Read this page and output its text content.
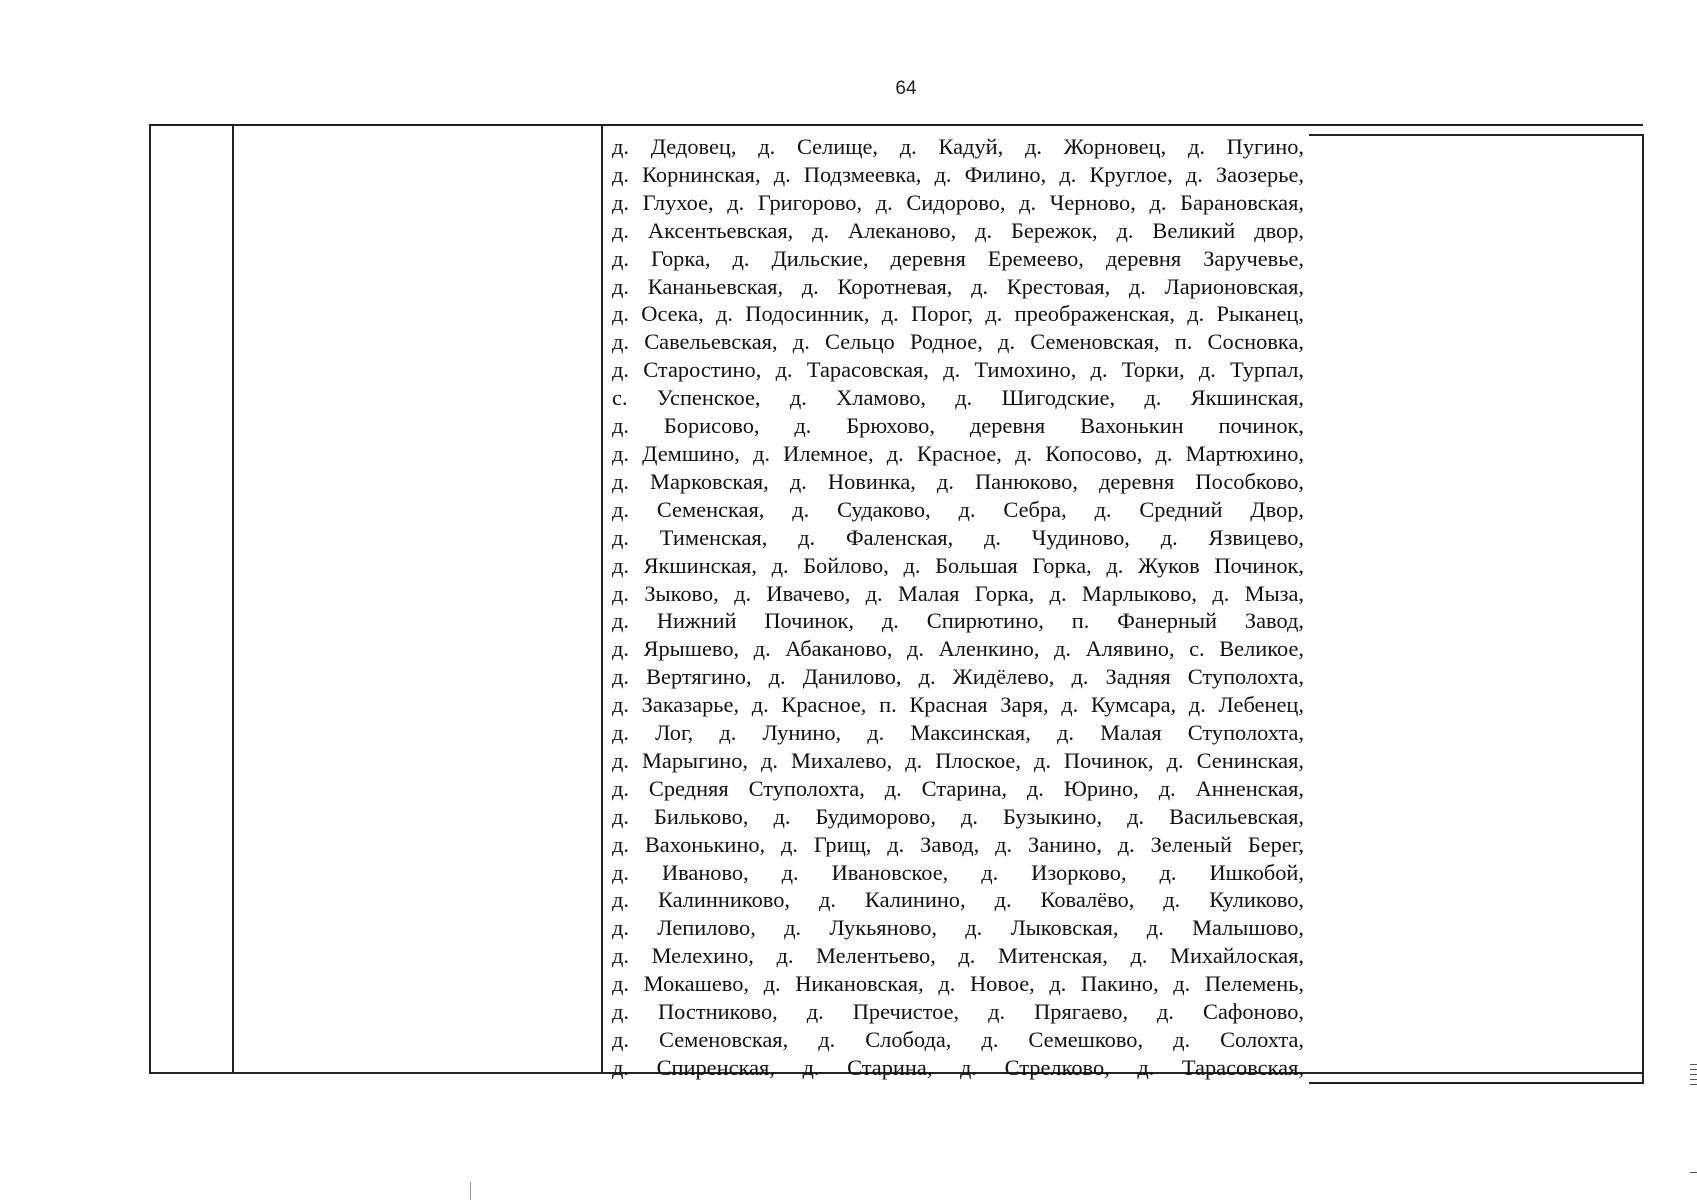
64
д. Дедовец, д. Селище, д. Кадуй, д. Жорновец, д. Пугино,
д. Корнинская, д. Подзмеевка, д. Филино, д. Круглое, д. Заозерье,
д. Глухое, д. Григорово, д. Сидорово, д. Черново, д. Барановская,
д. Аксентьевская, д. Алеканово, д. Бережок, д. Великий двор,
д. Горка, д. Дильские, деревня Еремеево, деревня Заручевье,
д. Кананьевская, д. Коротневая, д. Крестовая, д. Ларионовская,
д. Осека, д. Подосинник, д. Порог, д. преображенская, д. Рыканец,
д. Савельевская, д. Сельцо Родное, д. Семеновская, п. Сосновка,
д. Старостино, д. Тарасовская, д. Тимохино, д. Торки, д. Турпал,
с. Успенское, д. Хламово, д. Шигодские, д. Якшинская,
д. Борисово, д. Брюхово, деревня Вахонькин починок,
д. Демшино, д. Илемное, д. Красное, д. Копосово, д. Мартюхино,
д. Марковская, д. Новинка, д. Панюково, деревня Пособково,
д. Семенская, д. Судаково, д. Себра, д. Средний Двор,
д. Тименская, д. Фаленская, д. Чудиново, д. Язвицево,
д. Якшинская, д. Бойлово, д. Большая Горка, д. Жуков Починок,
д. Зыково, д. Ивачево, д. Малая Горка, д. Марлыково, д. Мыза,
д. Нижний Починок, д. Спирютино, п. Фанерный Завод,
д. Ярышево, д. Абаканово, д. Аленкино, д. Алявино, с. Великое,
д. Вертягино, д. Данилово, д. Жидёлево, д. Задняя Ступолохта,
д. Заказарье, д. Красное, п. Красная Заря, д. Кумсара, д. Лебенец,
д. Лог, д. Лунино, д. Максинская, д. Малая Ступолохта,
д. Марыгино, д. Михалево, д. Плоское, д. Починок, д. Сенинская,
д. Средняя Ступолохта, д. Старина, д. Юрино, д. Анненская,
д. Бильково, д. Будиморово, д. Бузыкино, д. Васильевская,
д. Вахонькино, д. Грищ, д. Завод, д. Занино, д. Зеленый Берег,
д. Иваново, д. Ивановское, д. Изорково, д. Ишкобой,
д. Калинниково, д. Калинино, д. Ковалёво, д. Куликово,
д. Лепилово, д. Лукьяново, д. Лыковская, д. Малышово,
д. Мелехино, д. Мелентьево, д. Митенская, д. Михайлоская,
д. Мокашево, д. Никановская, д. Новое, д. Пакино, д. Пелемень,
д. Постниково, д. Пречистое, д. Прягаево, д. Сафоново,
д. Семеновская, д. Слобода, д. Семешково, д. Солохта,
д. Спиренская, д. Старина, д. Стрелково, д. Тарасовская,
